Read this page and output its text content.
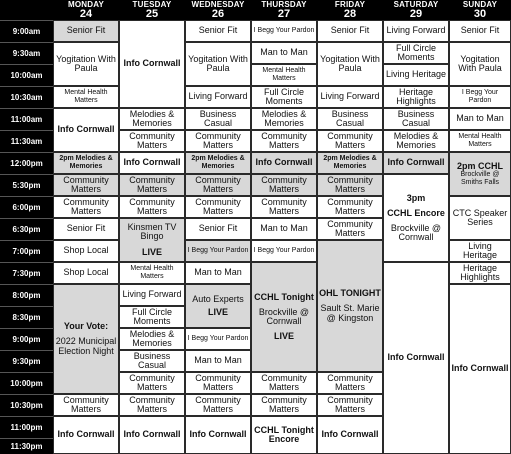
MONDAY
24
TUESDAY
25
WEDNESDAY
26
THURSDAY
27
FRIDAY
28
SATURDAY
29
SUNDAY
30
9:00am
9:30am
10:00am
10:30am
11:00am
11:30am
12:00pm
5:30pm
6:00pm
6:30pm
7:00pm
7:30pm
8:00pm
8:30pm
9:00pm
9:30pm
10:00pm
10:30pm
11:00pm
11:30pm
Senior Fit
Yogitation With Paula
Mental Health Matters
Info Cornwall
2pm Melodies & Memories
Community Matters
Community Matters
Senior Fit
Shop Local
Shop Local
Your Vote:
2022 Municipal Election Night
Community Matters
Info Cornwall
Info Cornwall
Melodies & Memories
Community Matters
Info Cornwall
Community Matters
Community Matters
Kinsmen TV Bingo
LIVE
Mental Health Matters
Living Forward
Full Circle Moments
Melodies & Memories
Business Casual
Community Matters
Community Matters
Info Cornwall
Senior Fit
Yogitation With Paula
Living Forward
Business Casual
Community Matters
2pm Melodies & Memories
Community Matters
Community Matters
Senior Fit
I Begg Your Pardon
Man to Man
Auto Experts
LIVE
I Begg Your Pardon
Man to Man
Community Matters
Community Matters
Info Cornwall
I Begg Your Pardon
Man to Man
Mental Health Matters
Full Circle Moments
Melodies & Memories
Community Matters
Info Cornwall
Community Matters
Community Matters
Man to Man
I Begg Your Pardon
CCHL Tonight
Brockville @ Cornwall
LIVE
Community Matters
Community Matters
CCHL Tonight Encore
Senior Fit
Yogitation With Paula
Living Forward
Business Casual
Community Matters
2pm Melodies & Memories
Community Matters
Community Matters
Community Matters
OHL TONIGHT
Sault St. Marie @ Kingston
Community Matters
Community Matters
Info Cornwall
Living Forward
Full Circle Moments
Living Heritage
Heritage Highlights
Business Casual
Melodies & Memories
Info Cornwall
3pm
CCHL Encore
Brockville @ Cornwall
Info Cornwall
Senior Fit
Yogitation With Paula
I Begg Your Pardon
Man to Man
Mental Health Matters
2pm CCHL
Brockville @ Smiths Falls
CTC Speaker Series
Living Heritage
Heritage Highlights
Info Cornwall
